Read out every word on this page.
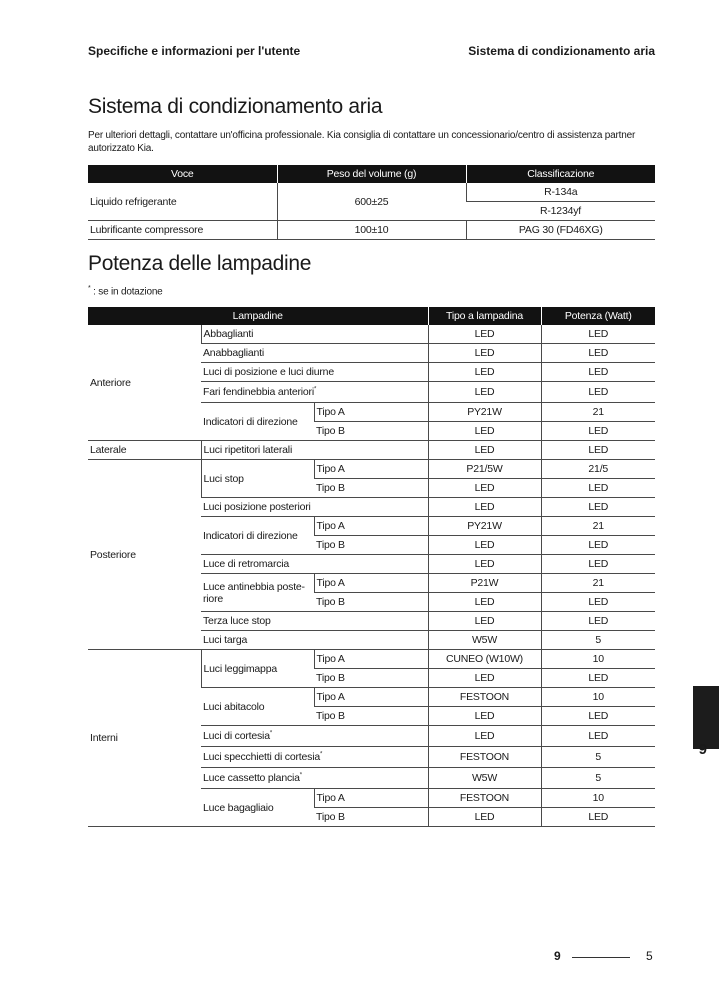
Specifiche e informazioni per l'utente	Sistema di condizionamento aria
Sistema di condizionamento aria
Per ulteriori dettagli, contattare un'officina professionale. Kia consiglia di contattare un concessionario/centro di assistenza partner autorizzato Kia.
Voce	Peso del volume (g)	Classificazione
Liquido refrigerante	600±25	R-134a
		R-1234yf
Lubrificante compressore	100±10	PAG 30 (FD46XG)
Potenza delle lampadine
* : se in dotazione
Lampadine			Tipo a lampadina	Potenza (Watt)
Anteriore	Abbaglianti		LED	LED
	Anabbaglianti		LED	LED
	Luci di posizione e luci diurne		LED	LED
	Fari fendinebbia anteriori*		LED	LED
	Indicatori di direzione	Tipo A	PY21W	21
		Tipo B	LED	LED
Laterale	Luci ripetitori laterali		LED	LED
Posteriore	Luci stop	Tipo A	P21/5W	21/5
		Tipo B	LED	LED
	Luci posizione posteriori		LED	LED
	Indicatori di direzione	Tipo A	PY21W	21
		Tipo B	LED	LED
	Luce di retromarcia		LED	LED
	Luce antinebbia poste-
riore	Tipo A	P21W	21
		Tipo B	LED	LED
	Terza luce stop		LED	LED
	Luci targa		W5W	5
Interni	Luci leggimappa	Tipo A	CUNEO (W10W)	10
		Tipo B	LED	LED
	Luci abitacolo	Tipo A	FESTOON	10
		Tipo B	LED	LED
	Luci di cortesia*		LED	LED
	Luci specchietti di cortesia*		FESTOON	5
	Luce cassetto plancia*		W5W	5
	Luce bagagliaio	Tipo A	FESTOON	10
		Tipo B	LED	LED
9
9	5
